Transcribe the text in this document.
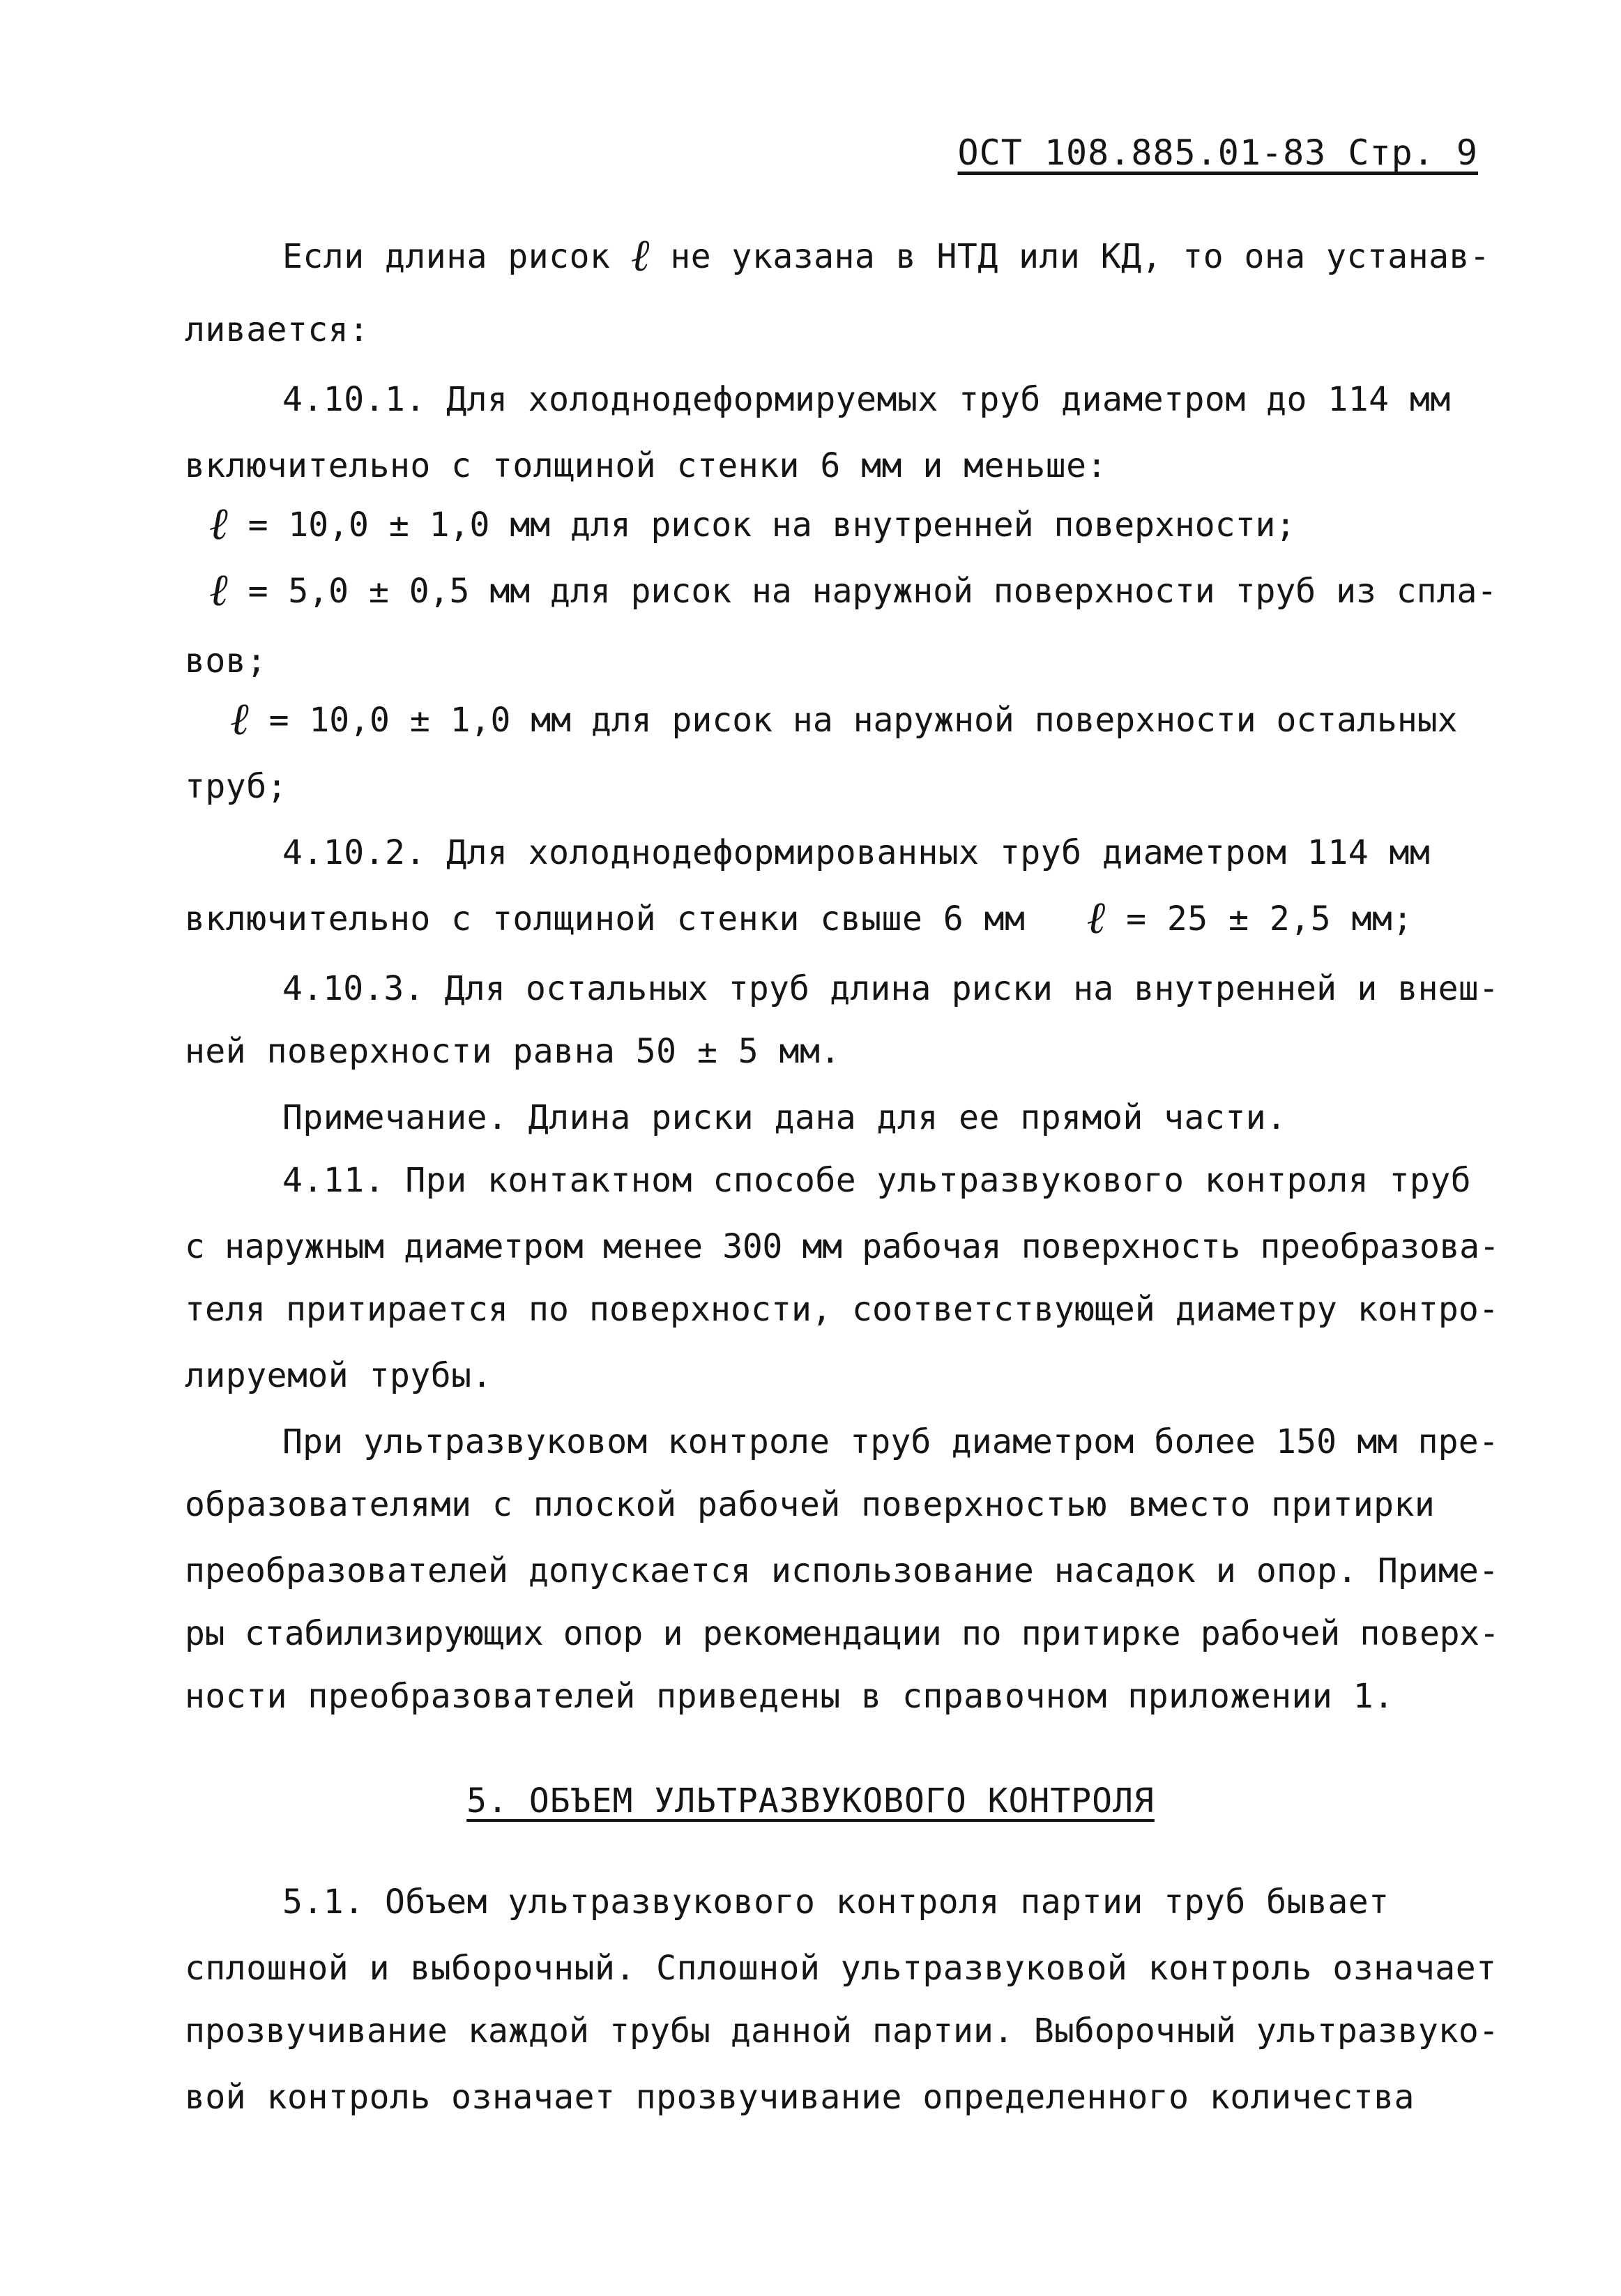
ОСТ 108.885.01-83 Стр. 9
Если длина рисок ℓ не указана в НТД или КД, то она устанав-
ливается:
4.10.1. Для холоднодеформируемых труб диаметром до 114 мм
включительно с толщиной стенки 6 мм и меньше:
ℓ = 10,0 ± 1,0 мм для рисок на внутренней поверхности;
ℓ = 5,0 ± 0,5 мм для рисок на наружной поверхности труб из спла-
вов;
ℓ = 10,0 ± 1,0 мм для рисок на наружной поверхности остальных
труб;
4.10.2. Для холоднодеформированных труб диаметром 114 мм
включительно с толщиной стенки свыше 6 мм ℓ = 25 ± 2,5 мм;
4.10.3. Для остальных труб длина риски на внутренней и внеш-
ней поверхности равна 50 ± 5 мм.
Примечание. Длина риски дана для ее прямой части.
4.11. При контактном способе ультразвукового контроля труб
с наружным диаметром менее 300 мм рабочая поверхность преобразова-
теля притирается по поверхности, соответствующей диаметру контро-
лируемой трубы.
При ультразвуковом контроле труб диаметром более 150 мм пре-
образователями с плоской рабочей поверхностью вместо притирки
преобразователей допускается использование насадок и опор. Приме-
ры стабилизирующих опор и рекомендации по притирке рабочей поверх-
ности преобразователей приведены в справочном приложении 1.
5. ОБЪЕМ УЛЬТРАЗВУКОВОГО КОНТРОЛЯ
5.1. Объем ультразвукового контроля партии труб бывает
сплошной и выборочный. Сплошной ультразвуковой контроль означает
прозвучивание каждой трубы данной партии. Выборочный ультразвуко-
вой контроль означает прозвучивание определенного количества
